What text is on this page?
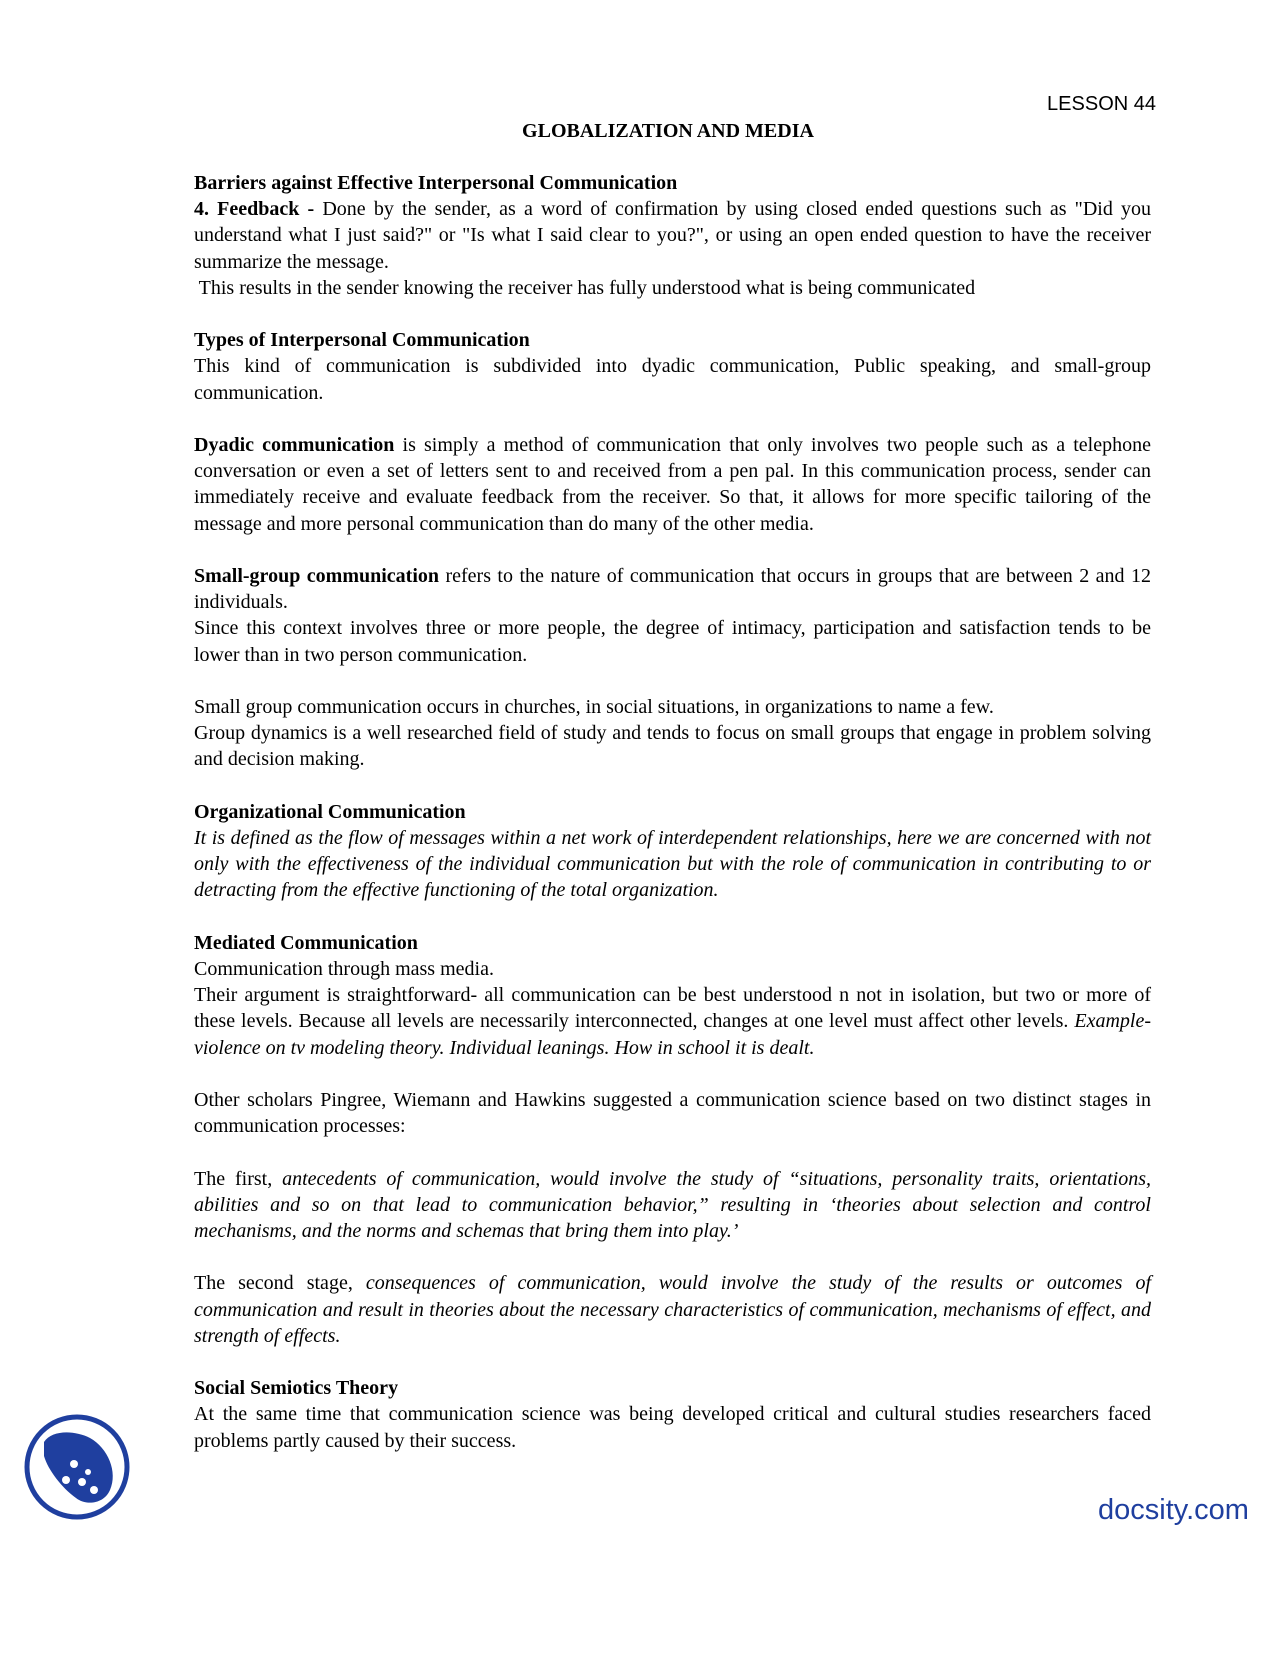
LESSON 44
GLOBALIZATION AND MEDIA
Barriers against Effective Interpersonal Communication

4. Feedback - Done by the sender, as a word of confirmation by using closed ended questions such as "Did you understand what I just said?" or "Is what I said clear to you?", or using an open ended question to have the receiver summarize the message.

This results in the sender knowing the receiver has fully understood what is being communicated

Types of Interpersonal Communication

This kind of communication is subdivided into dyadic communication, Public speaking, and small-group communication.

Dyadic communication is simply a method of communication that only involves two people such as a telephone conversation or even a set of letters sent to and received from a pen pal. In this communication process, sender can immediately receive and evaluate feedback from the receiver. So that, it allows for more specific tailoring of the message and more personal communication than do many of the other media.

Small-group communication refers to the nature of communication that occurs in groups that are between 2 and 12 individuals.

Since this context involves three or more people, the degree of intimacy, participation and satisfaction tends to be lower than in two person communication.

Small group communication occurs in churches, in social situations, in organizations to name a few.

Group dynamics is a well researched field of study and tends to focus on small groups that engage in problem solving and decision making.

Organizational Communication

It is defined as the flow of messages within a net work of interdependent relationships, here we are concerned with not only with the effectiveness of the individual communication but with the role of communication in contributing to or detracting from the effective functioning of the total organization.

Mediated Communication

Communication through mass media.

Their argument is straightforward- all communication can be best understood n not in isolation, but two or more of these levels. Because all levels are necessarily interconnected, changes at one level must affect other levels. Example-violence on tv modeling theory. Individual leanings. How in school it is dealt.

Other scholars Pingree, Wiemann and Hawkins suggested a communication science based on two distinct stages in communication processes:

The first, antecedents of communication, would involve the study of “situations, personality traits, orientations, abilities and so on that lead to communication behavior,” resulting in ‘theories about selection and control mechanisms, and the norms and schemas that bring them into play.’

The second stage, consequences of communication, would involve the study of the results or outcomes of communication and result in theories about the necessary characteristics of communication, mechanisms of effect, and strength of effects.

Social Semiotics Theory

At the same time that communication science was being developed critical and cultural studies researchers faced problems partly caused by their success.

docsity.com
